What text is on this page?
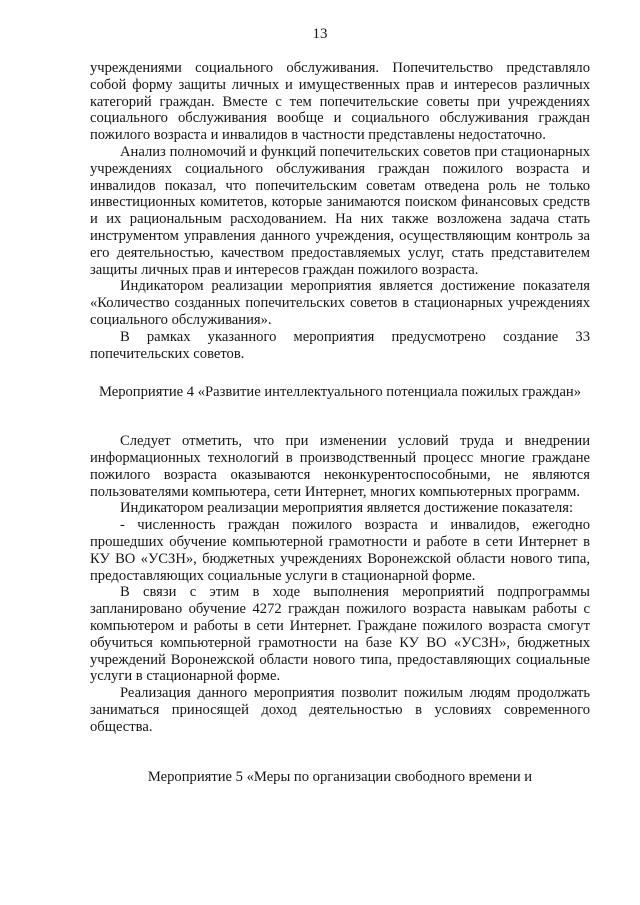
13

учреждениями социального обслуживания. Попечительство представляло собой форму защиты личных и имущественных прав и интересов различных категорий граждан. Вместе с тем попечительские советы при учреждениях социального обслуживания вообще и социального обслуживания граждан пожилого возраста и инвалидов в частности представлены недостаточно.

Анализ полномочий и функций попечительских советов при стационарных учреждениях социального обслуживания граждан пожилого возраста и инвалидов показал, что попечительским советам отведена роль не только инвестиционных комитетов, которые занимаются поиском финансовых средств и их рациональным расходованием. На них также возложена задача стать инструментом управления данного учреждения, осуществляющим контроль за его деятельностью, качеством предоставляемых услуг, стать представителем защиты личных прав и интересов граждан пожилого возраста.

Индикатором реализации мероприятия является достижение показателя «Количество созданных попечительских советов в стационарных учреждениях социального обслуживания».

В рамках указанного мероприятия предусмотрено создание 33 попечительских советов.

Мероприятие 4 «Развитие интеллектуального потенциала пожилых граждан»

Следует отметить, что при изменении условий труда и внедрении информационных технологий в производственный процесс многие граждане пожилого возраста оказываются неконкурентоспособными, не являются пользователями компьютера, сети Интернет, многих компьютерных программ.

Индикатором реализации мероприятия является достижение показателя:

- численность граждан пожилого возраста и инвалидов, ежегодно прошедших обучение компьютерной грамотности и работе в сети Интернет в КУ ВО «УСЗН», бюджетных учреждениях Воронежской области нового типа, предоставляющих социальные услуги в стационарной форме.

В связи с этим в ходе выполнения мероприятий подпрограммы запланировано обучение 4272 граждан пожилого возраста навыкам работы с компьютером и работы в сети Интернет. Граждане пожилого возраста смогут обучиться компьютерной грамотности на базе КУ ВО «УСЗН», бюджетных учреждений Воронежской области нового типа, предоставляющих социальные услуги в стационарной форме.

Реализация данного мероприятия позволит пожилым людям продолжать заниматься приносящей доход деятельностью в условиях современного общества.

Мероприятие 5 «Меры по организации свободного времени и
